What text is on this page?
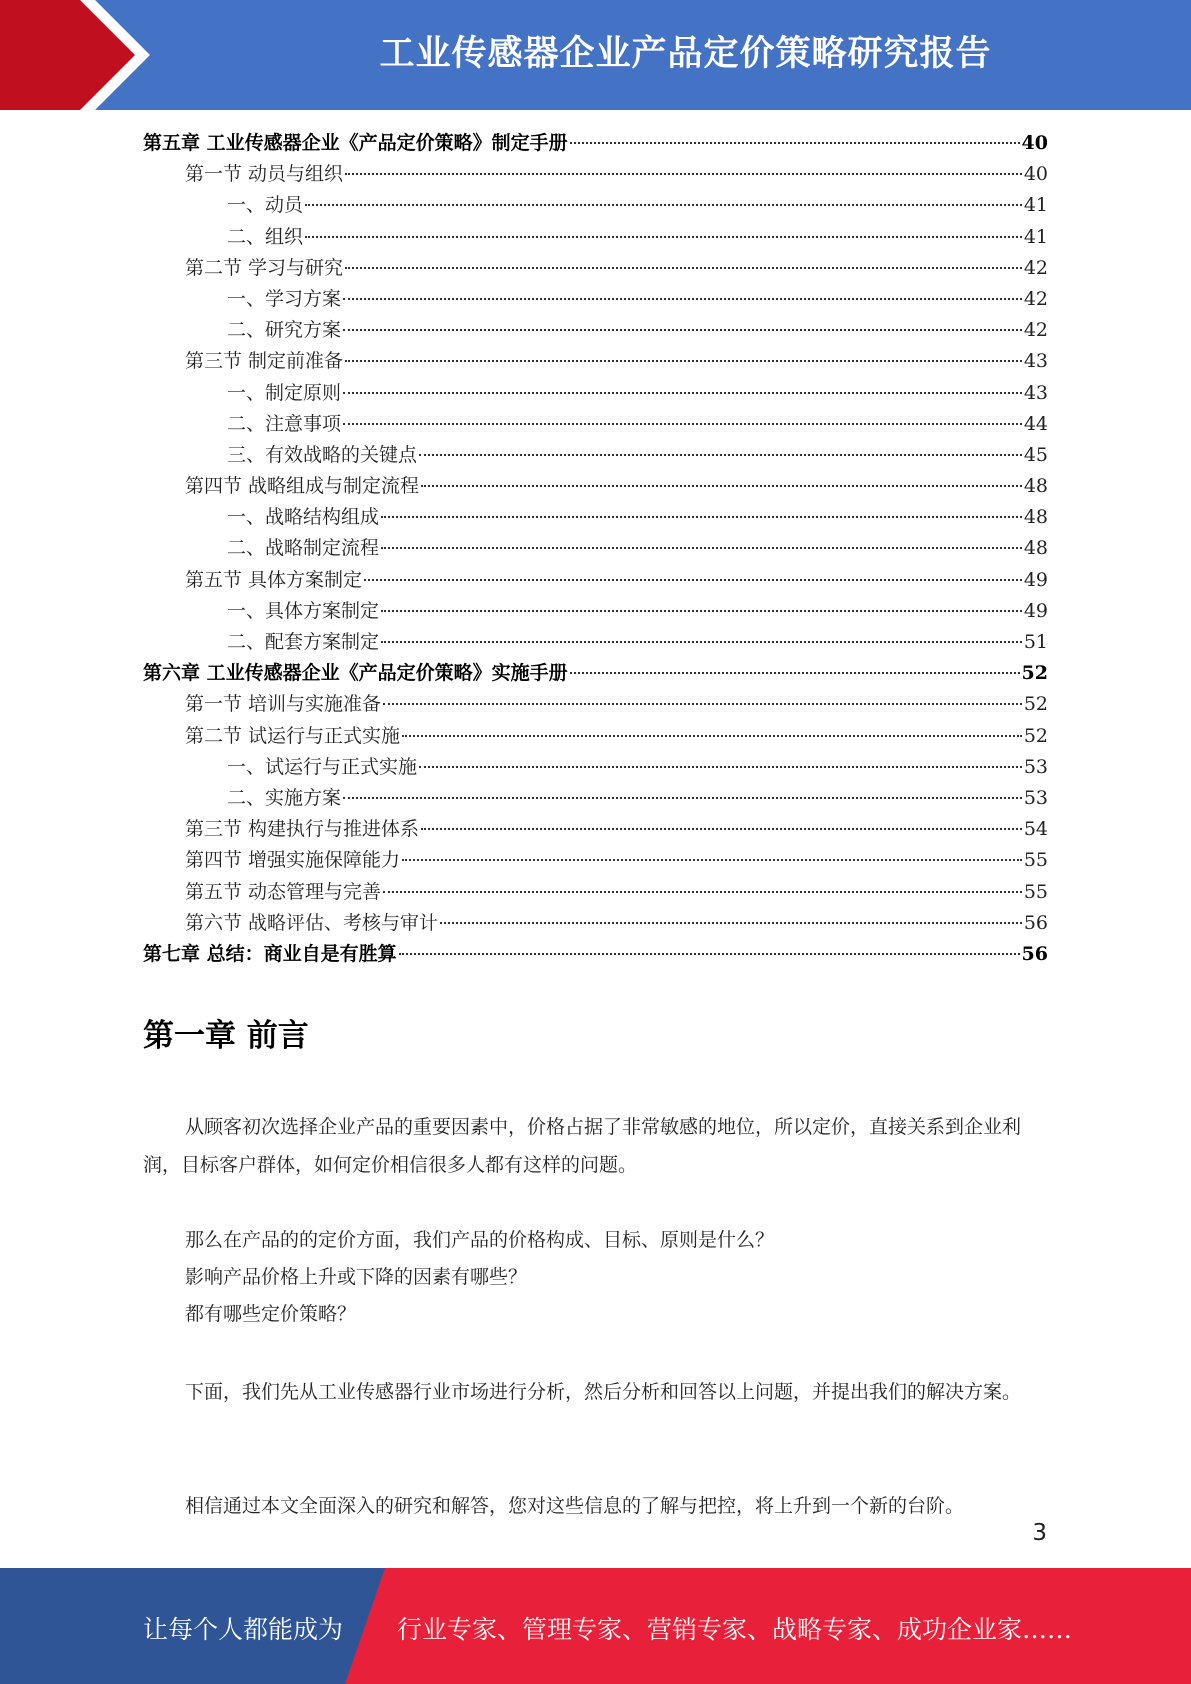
工业传感器企业产品定价策略研究报告
第五章 工业传感器企业《产品定价策略》制定手册	40
第一节 动员与组织	40
一、动员	41
二、组织	41
第二节 学习与研究	42
一、学习方案	42
二、研究方案	42
第三节 制定前准备	43
一、制定原则	43
二、注意事项	44
三、有效战略的关键点	45
第四节 战略组成与制定流程	48
一、战略结构组成	48
二、战略制定流程	48
第五节 具体方案制定	49
一、具体方案制定	49
二、配套方案制定	51
第六章 工业传感器企业《产品定价策略》实施手册	52
第一节 培训与实施准备	52
第二节 试运行与正式实施	52
一、试运行与正式实施	53
二、实施方案	53
第三节 构建执行与推进体系	54
第四节 增强实施保障能力	55
第五节 动态管理与完善	55
第六节 战略评估、考核与审计	56
第七章 总结：商业自是有胜算	56
第一章 前言

从顾客初次选择企业产品的重要因素中，价格占据了非常敏感的地位，所以定价，直接关系到企业利润，目标客户群体，如何定价相信很多人都有这样的问题。

那么在产品的的定价方面，我们产品的价格构成、目标、原则是什么？

影响产品价格上升或下降的因素有哪些？

都有哪些定价策略？

下面，我们先从工业传感器行业市场进行分析，然后分析和回答以上问题，并提出我们的解决方案。

相信通过本文全面深入的研究和解答，您对这些信息的了解与把控，将上升到一个新的台阶。

3
让每个人都能成为 行业专家、管理专家、营销专家、战略专家、成功企业家……
